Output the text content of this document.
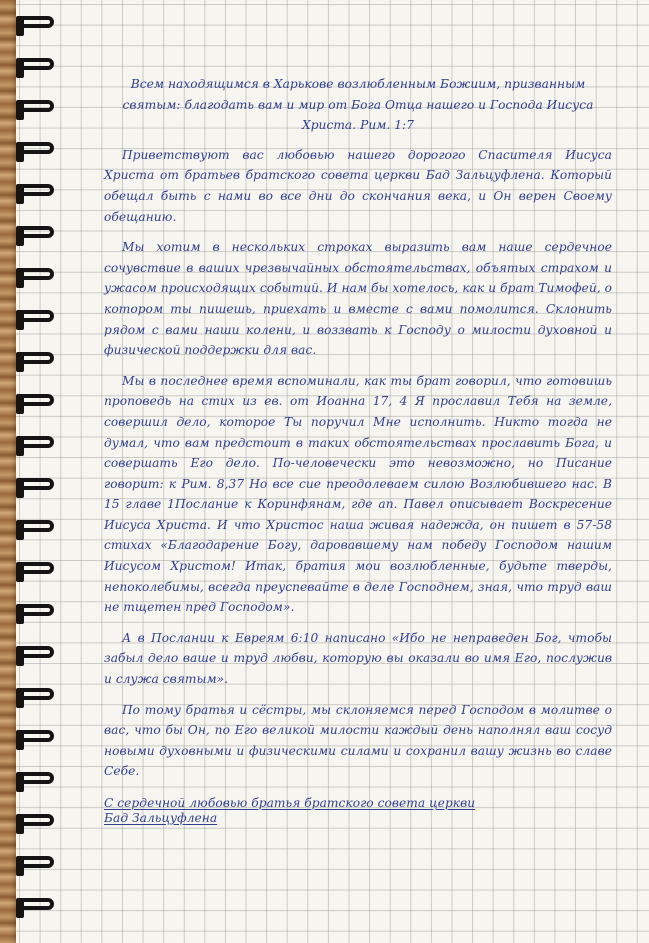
Всем находящимся в Харькове возлюбленным Божиим, призванным святым: благодать вам и мир от Бога Отца нашего и Господа Иисуса Христа. Рим. 1:7
Приветствуют вас любовью нашего дорогого Спасителя Иисуса Христа от братьев братского совета церкви Бад Зальцуфлена. Который обещал быть с нами во все дни до скончания века, и Он верен Своему обещанию.
Мы хотим в нескольких строках выразить вам наше сердечное сочувствие в ваших чрезвычайных обстоятельствах, объятых страхом и ужасом происходящих событий. И нам бы хотелось, как и брат Тимофей, о котором ты пишешь, приехать и вместе с вами помолится. Склонить рядом с вами наши колени, и воззвать к Господу о милости духовной и физической поддержки для вас.
Мы в последнее время вспоминали, как ты брат говорил, что готовишь проповедь на стих из ев. от Иоанна 17, 4 Я прославил Тебя на земле, совершил дело, которое Ты поручил Мне исполнить. Никто тогда не думал, что вам предстоит в таких обстоятельствах прославить Бога, и совершать Его дело. По-человечески это невозможно, но Писание говорит: к Рим. 8,37 Но все сие преодолеваем силою Возлюбившего нас. В 15 главе 1Послание к Коринфянам, где ап. Павел описывает Воскресение Иисуса Христа. И что Христос наша живая надежда, он пишет в 57-58 стихах «Благодарение Богу, даровавшему нам победу Господом нашим Иисусом Христом! Итак, братия мои возлюбленные, будьте тверды, непоколебимы, всегда преуспевайте в деле Господнем, зная, что труд ваш не тщетен пред Господом».
А в Послании к Евреям 6:10 написано «Ибо не неправеден Бог, чтобы забыл дело ваше и труд любви, которую вы оказали во имя Его, послужив и служа святым».
По тому братья и сёстры, мы склоняемся перед Господом в молитве о вас, что бы Он, по Его великой милости каждый день наполнял ваш сосуд новыми духовными и физическими силами и сохранил вашу жизнь во славе Себе.
С сердечной любовью братья братского совета церкви
Бад Зальцуфлена
